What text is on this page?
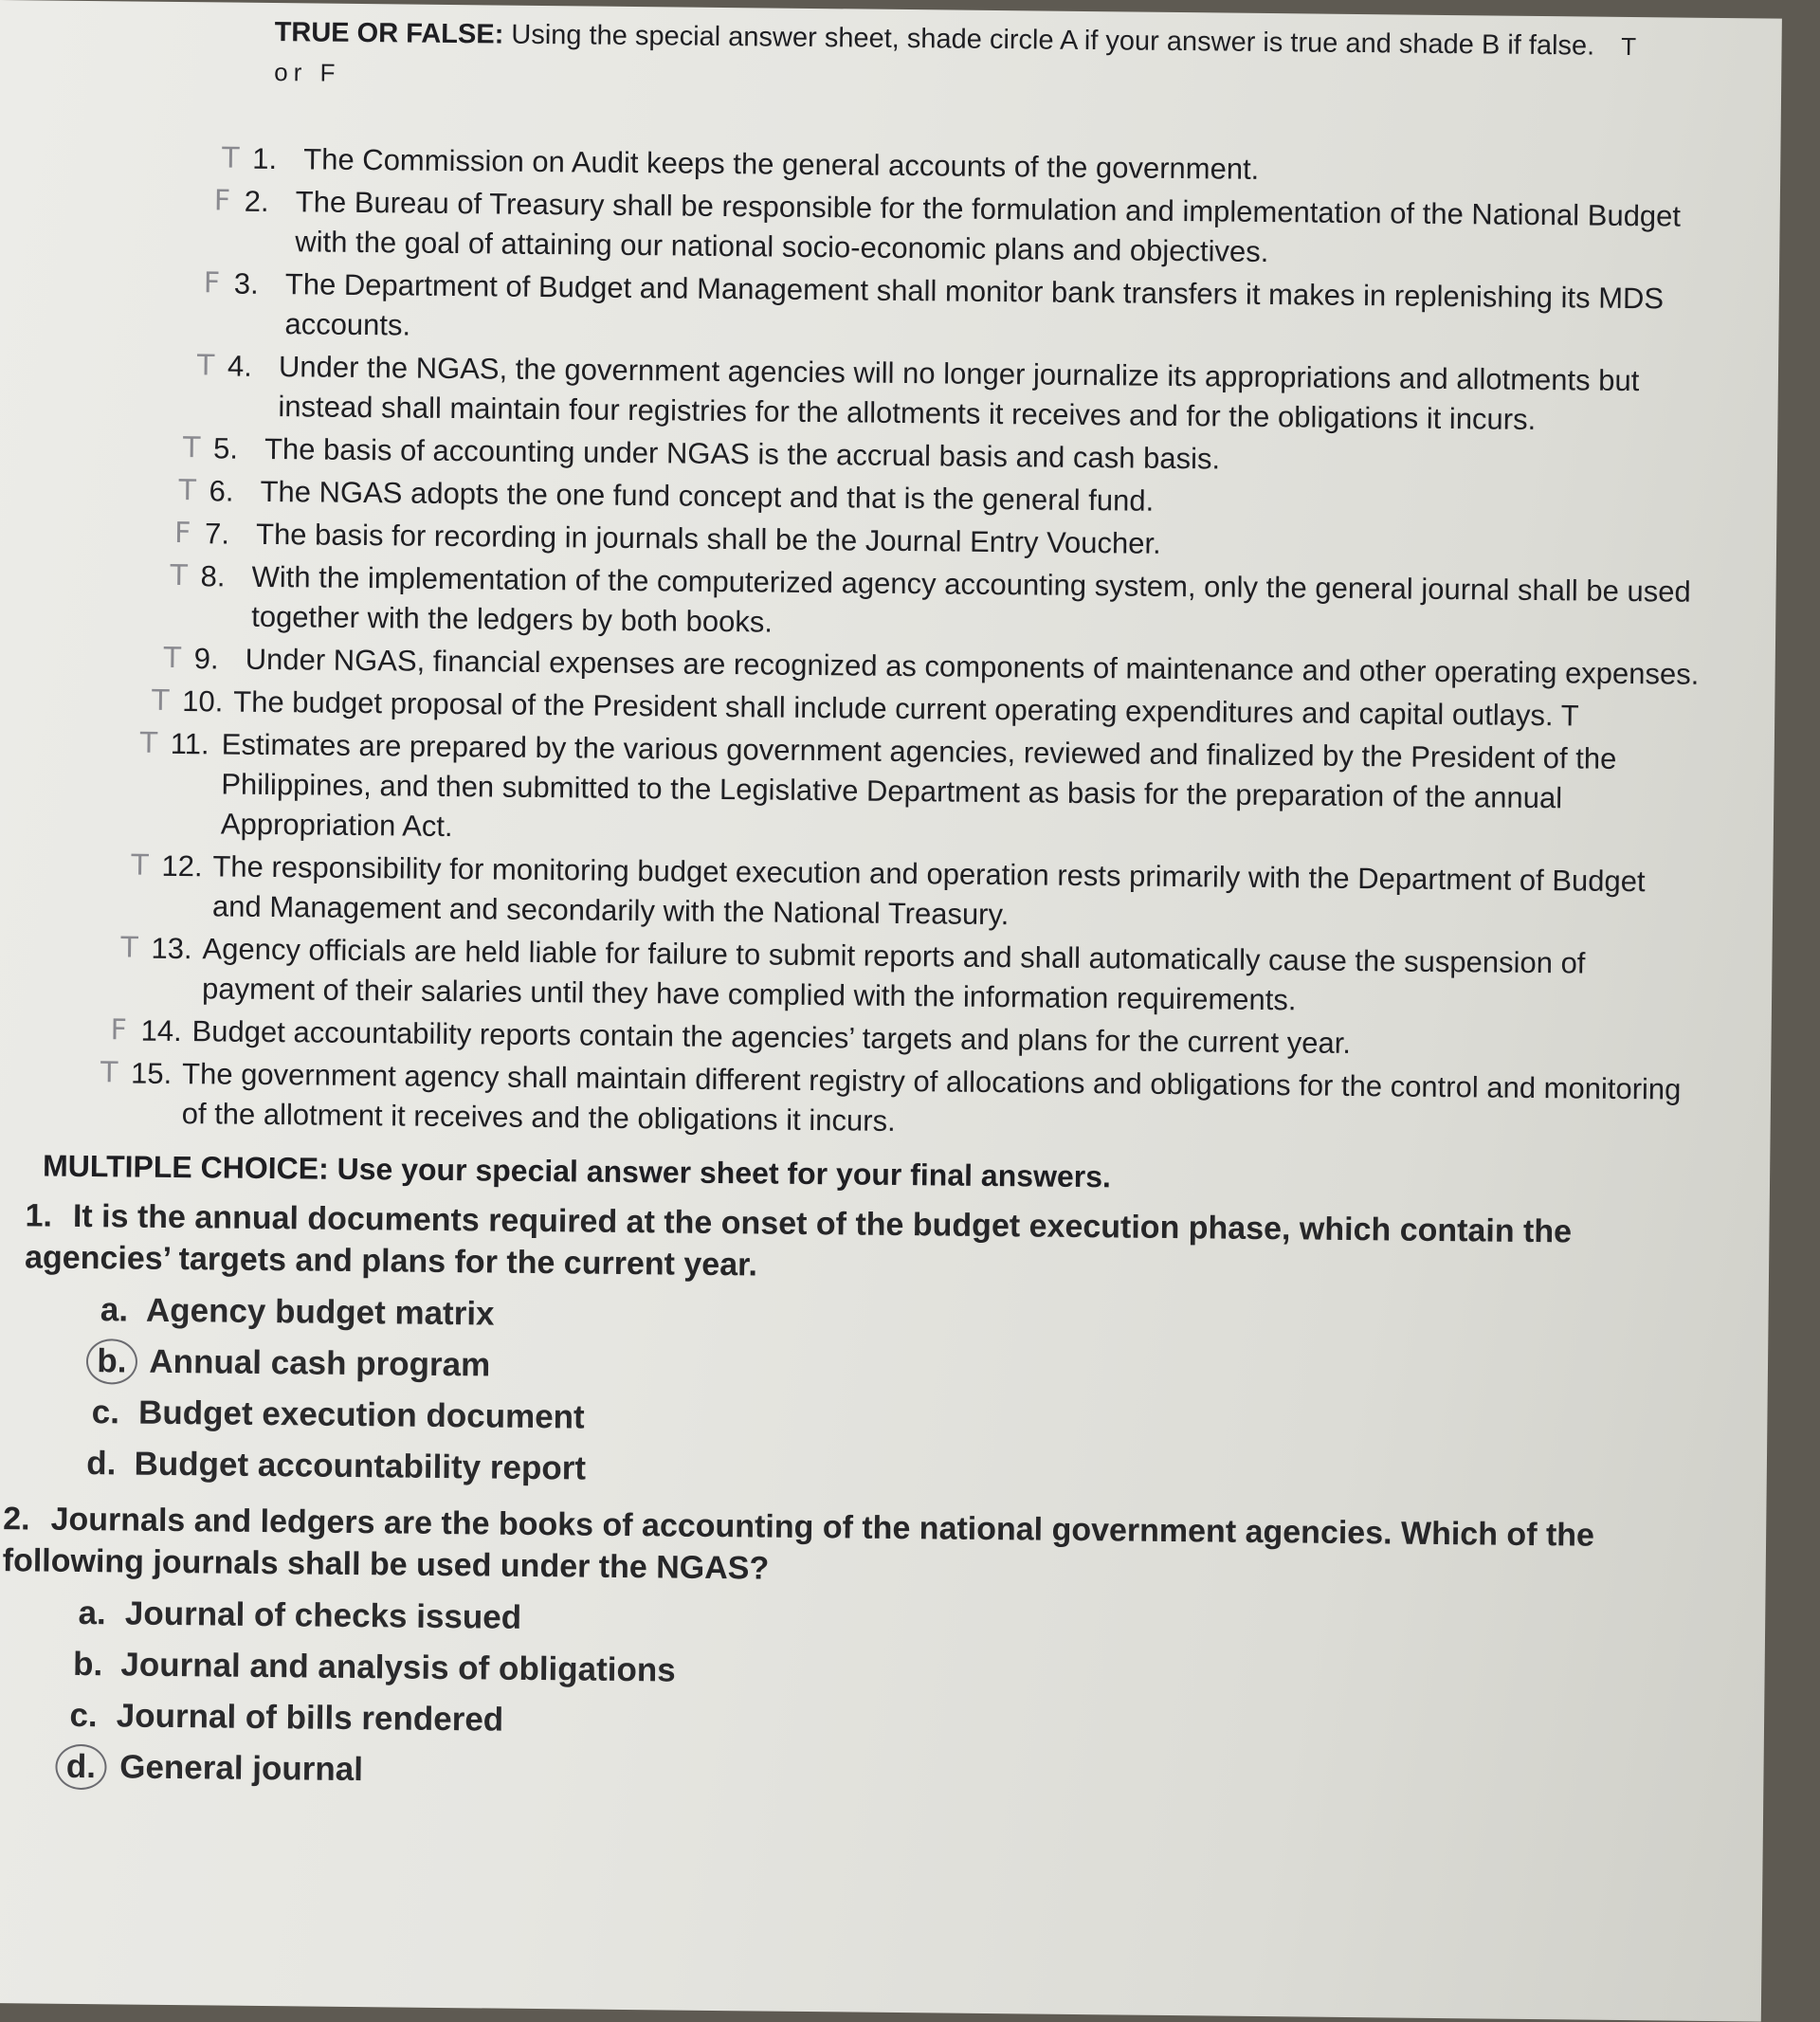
TRUE OR FALSE: Using the special answer sheet, shade circle A if your answer is true and shade B if false. T or F

T 1. The Commission on Audit keeps the general accounts of the government.
F 2. The Bureau of Treasury shall be responsible for the formulation and implementation of the National Budget with the goal of attaining our national socio-economic plans and objectives.
F 3. The Department of Budget and Management shall monitor bank transfers it makes in replenishing its MDS accounts.
T 4. Under the NGAS, the government agencies will no longer journalize its appropriations and allotments but instead shall maintain four registries for the allotments it receives and for the obligations it incurs.
T 5. The basis of accounting under NGAS is the accrual basis and cash basis.
T 6. The NGAS adopts the one fund concept and that is the general fund.
F 7. The basis for recording in journals shall be the Journal Entry Voucher.
T 8. With the implementation of the computerized agency accounting system, only the general journal shall be used together with the ledgers by both books.
T 9. Under NGAS, financial expenses are recognized as components of maintenance and other operating expenses.
T 10. The budget proposal of the President shall include current operating expenditures and capital outlays. T
T 11. Estimates are prepared by the various government agencies, reviewed and finalized by the President of the Philippines, and then submitted to the Legislative Department as basis for the preparation of the annual Appropriation Act.
T 12. The responsibility for monitoring budget execution and operation rests primarily with the Department of Budget and Management and secondarily with the National Treasury.
T 13. Agency officials are held liable for failure to submit reports and shall automatically cause the suspension of payment of their salaries until they have complied with the information requirements.
F 14. Budget accountability reports contain the agencies’ targets and plans for the current year.
T 15. The government agency shall maintain different registry of allocations and obligations for the control and monitoring of the allotment it receives and the obligations it incurs.

MULTIPLE CHOICE: Use your special answer sheet for your final answers.

1. It is the annual documents required at the onset of the budget execution phase, which contain the agencies’ targets and plans for the current year.

a. Agency budget matrix
b. Annual cash program
c. Budget execution document
d. Budget accountability report

2. Journals and ledgers are the books of accounting of the national government agencies. Which of the following journals shall be used under the NGAS?

a. Journal of checks issued
b. Journal and analysis of obligations
c. Journal of bills rendered
d. General journal
